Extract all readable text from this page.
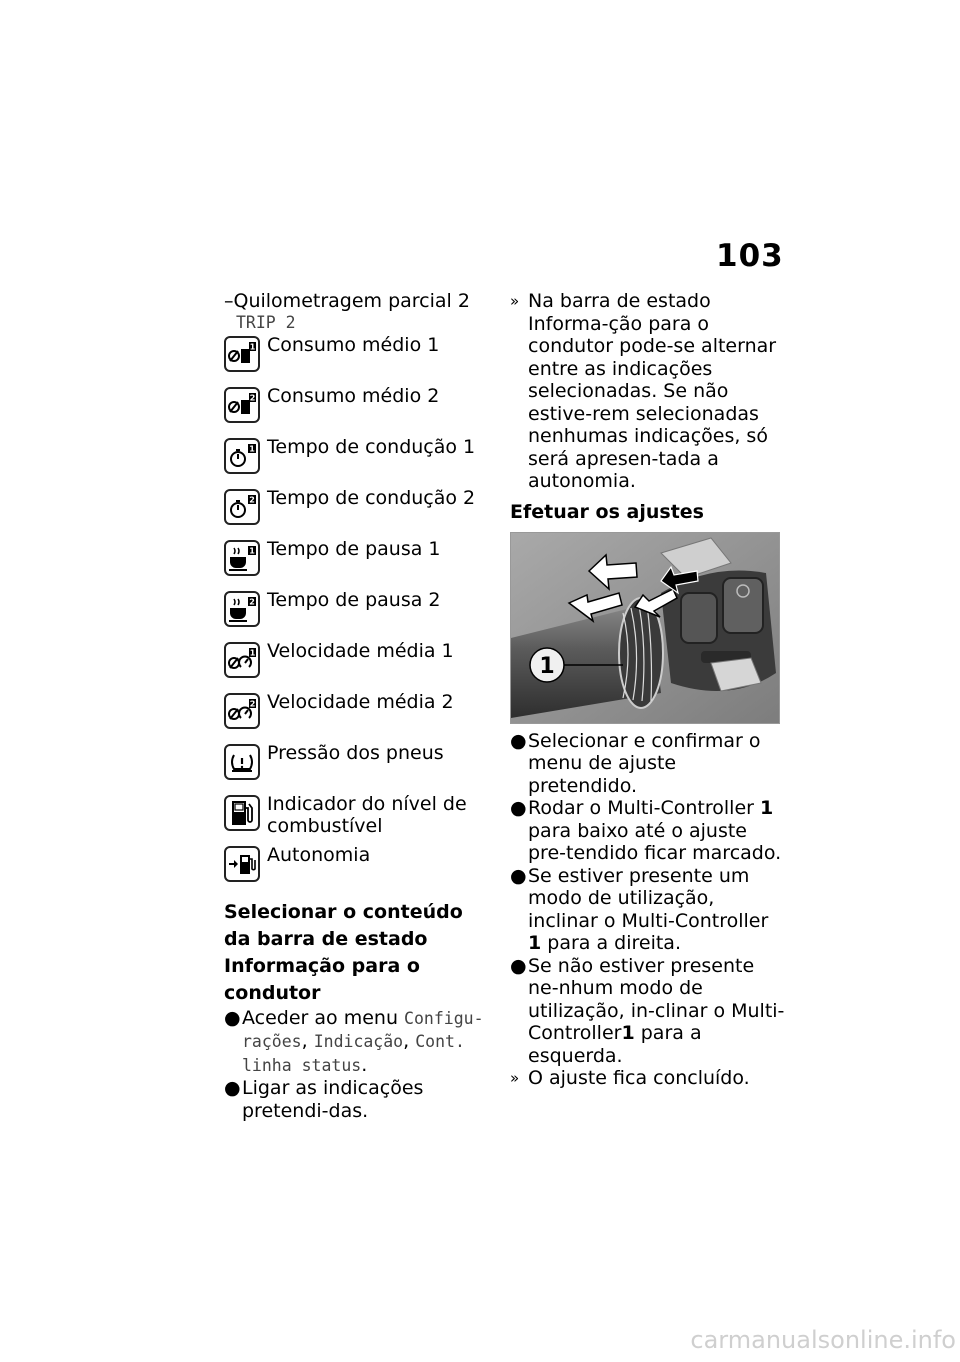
103
–Quilometragem parcial 2
TRIP 2
1 Consumo médio 1
2 Consumo médio 2
1 Tempo de condução 1
2 Tempo de condução 2
1 Tempo de pausa 1
2 Tempo de pausa 2
1 Velocidade média 1
2 Velocidade média 2
Pressão dos pneus
Indicador do nível de combustível
Autonomia
Selecionar o conteúdo da barra de estado Informação para o condutor
● Aceder ao menu Configu-rações, Indicação, Cont. linha status.
● Ligar as indicações pretendi-das.
» Na barra de estado Informa-ção para o condutor pode-se alternar entre as indicações selecionadas. Se não estive-rem selecionadas nenhumas indicações, só será apresen-tada a autonomia.
Efetuar os ajustes
1
● Selecionar e confirmar o menu de ajuste pretendido.
● Rodar o Multi-Controller 1 para baixo até o ajuste pre-tendido ficar marcado.
● Se estiver presente um modo de utilização, inclinar o Multi-Controller 1 para a direita.
● Se não estiver presente ne-nhum modo de utilização, in-clinar o Multi-Controller1 para a esquerda.
» O ajuste fica concluído.
carmanualsonline.info
